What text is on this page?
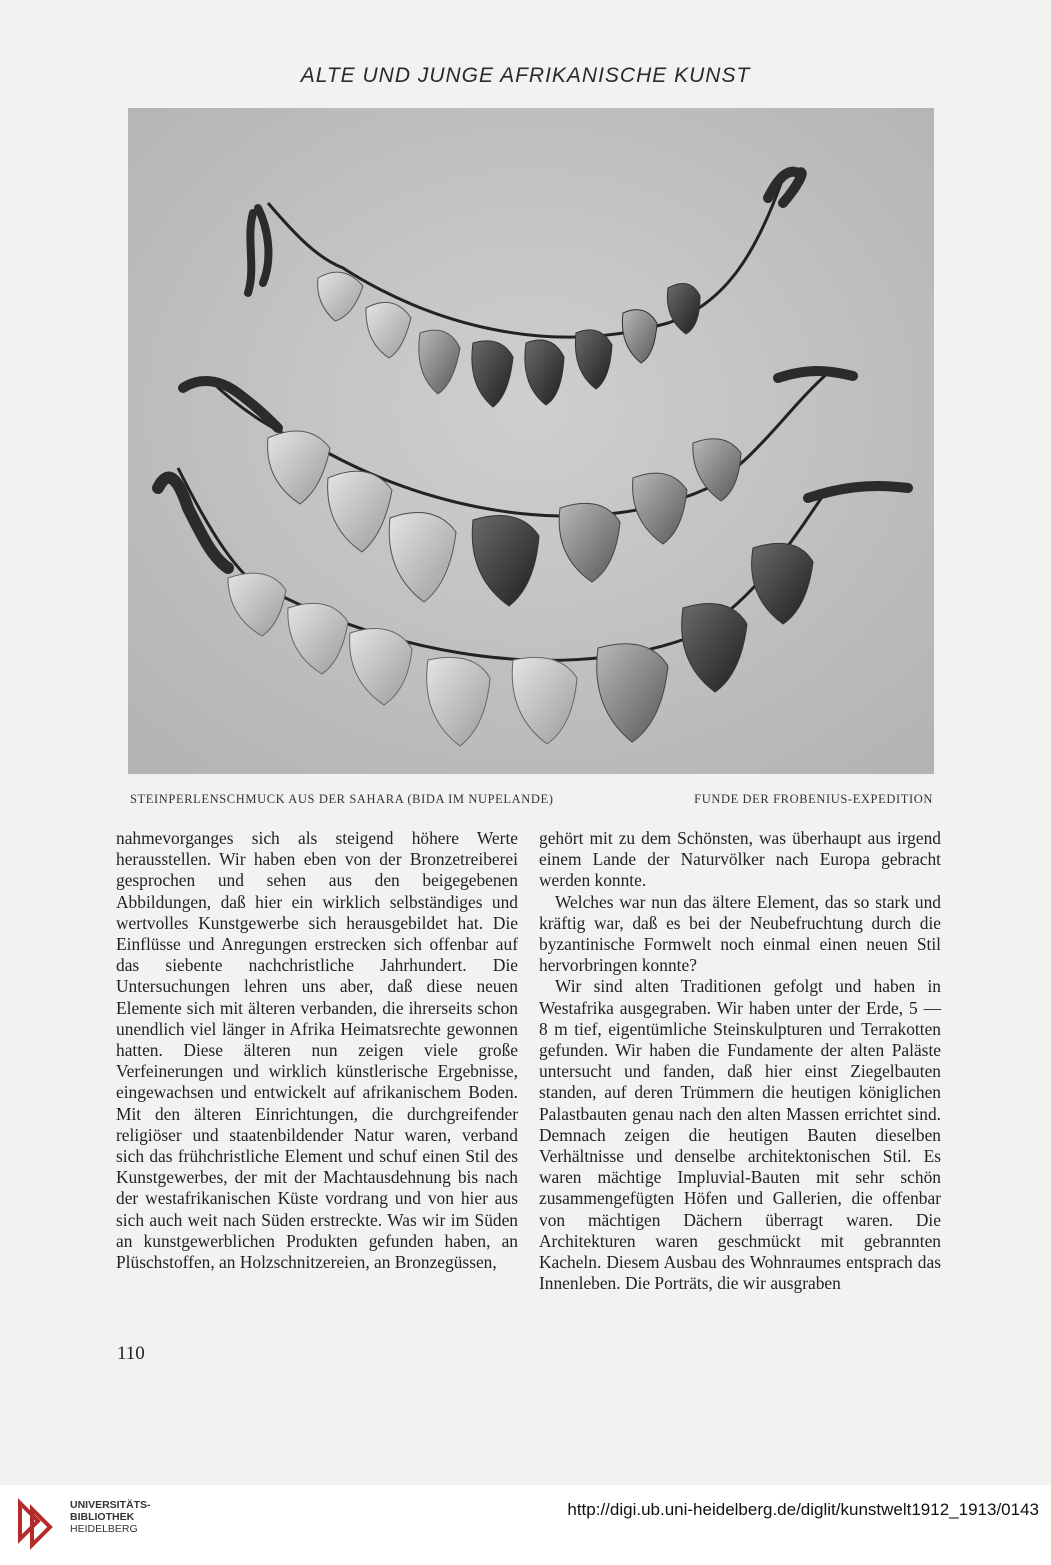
ALTE UND JUNGE AFRIKANISCHE KUNST
STEINPERLENSCHMUCK AUS DER SAHARA (BIDA IM NUPELANDE)	FUNDE DER FROBENIUS-EXPEDITION

nahmevorganges sich als steigend höhere Werte herausstellen. Wir haben eben von der Bronzetreiberei gesprochen und sehen aus den beigegebenen Abbildungen, daß hier ein wirklich selbständiges und wertvolles Kunstgewerbe sich herausgebildet hat. Die Einflüsse und Anregungen erstrecken sich offenbar auf das siebente nachchristliche Jahrhundert. Die Untersuchungen lehren uns aber, daß diese neuen Elemente sich mit älteren verbanden, die ihrerseits schon unendlich viel länger in Afrika Heimatsrechte gewonnen hatten. Diese älteren nun zeigen viele große Verfeinerungen und wirklich künstlerische Ergebnisse, eingewachsen und entwickelt auf afrikanischem Boden. Mit den älteren Einrichtungen, die durchgreifender religiöser und staatenbildender Natur waren, verband sich das frühchristliche Element und schuf einen Stil des Kunstgewerbes, der mit der Machtausdehnung bis nach der westafrikanischen Küste vordrang und von hier aus sich auch weit nach Süden erstreckte. Was wir im Süden an kunstgewerblichen Produkten gefunden haben, an Plüschstoffen, an Holzschnitzereien, an Bronzegüssen,

gehört mit zu dem Schönsten, was überhaupt aus irgend einem Lande der Naturvölker nach Europa gebracht werden konnte.

Welches war nun das ältere Element, das so stark und kräftig war, daß es bei der Neubefruchtung durch die byzantinische Formwelt noch einmal einen neuen Stil hervorbringen konnte?

Wir sind alten Traditionen gefolgt und haben in Westafrika ausgegraben. Wir haben unter der Erde, 5 — 8 m tief, eigentümliche Steinskulpturen und Terrakotten gefunden. Wir haben die Fundamente der alten Paläste untersucht und fanden, daß hier einst Ziegelbauten standen, auf deren Trümmern die heutigen königlichen Palastbauten genau nach den alten Massen errichtet sind. Demnach zeigen die heutigen Bauten dieselben Verhältnisse und denselbe architektonischen Stil. Es waren mächtige Impluvial-Bauten mit sehr schön zusammengefügten Höfen und Gallerien, die offenbar von mächtigen Dächern überragt waren. Die Architekturen waren geschmückt mit gebrannten Kacheln. Diesem Ausbau des Wohnraumes entsprach das Innenleben. Die Porträts, die wir ausgraben

110
UNIVERSITÄTS-
BIBLIOTHEK
HEIDELBERG
http://digi.ub.uni-heidelberg.de/diglit/kunstwelt1912_1913/0143
